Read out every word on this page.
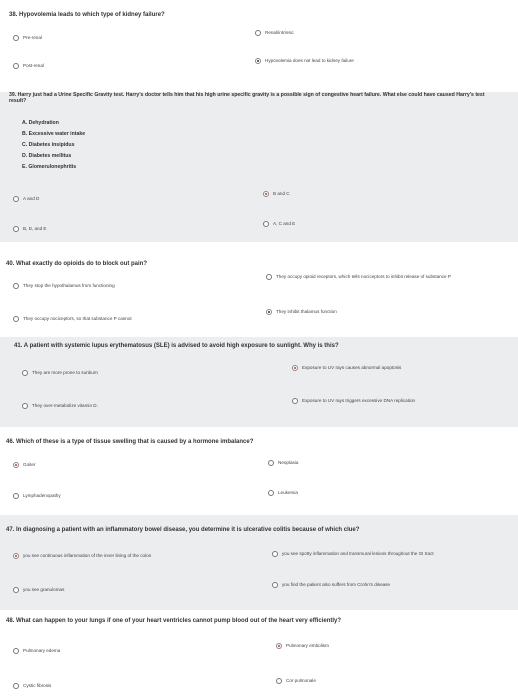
38. Hypovolemia leads to which type of kidney failure?
Pre-renal
Renal/intrinsic
Post-renal
Hypovolemia does not lead to kidney failure
39. Harry just had a Urine Specific Gravity test. Harry's doctor tells him that his high urine specific gravity is a possible sign of congestive heart failure. What else could have caused Harry's test result?
A. Dehydration
B. Excessive water intake
C. Diabetes insipidus
D. Diabetes mellitus
E. Glomerulonephritis
A and D
B and C
B, D, and E
A, C and E
40. What exactly do opioids do to block out pain?
They stop the hypothalamus from functioning
They occupy opioid receptors, which tells nociceptors to inhibit release of substance P
They occupy nociceptors, so that substance P cannot
They inhibit thalamus function
41. A patient with systemic lupus erythematosus (SLE) is advised to avoid high exposure to sunlight. Why is this?
They are more prone to sunburn
Exposure to UV rays causes abnormal apoptosis
They over-metabolize vitamin D.
Exposure to UV rays triggers excessive DNA replication
46. Which of these is a type of tissue swelling that is caused by a hormone imbalance?
Goiter	Neoplasia
Lymphadenopathy
Leukemia
47. In diagnosing a patient with an inflammatory bowel disease, you determine it is ulcerative colitis because of which clue?
you see continuous inflammation of the inner lining of the colon	you see spotty inflammation and transmural lesions throughout the GI tract
you see granulomas
you find the patient also suffers from Crohn's disease
48. What can happen to your lungs if one of your heart ventricles cannot pump blood out of the heart very efficiently?
Pulmonary edema
Pulmonary embolism
Cystic fibrosis
Cor pulmonale
